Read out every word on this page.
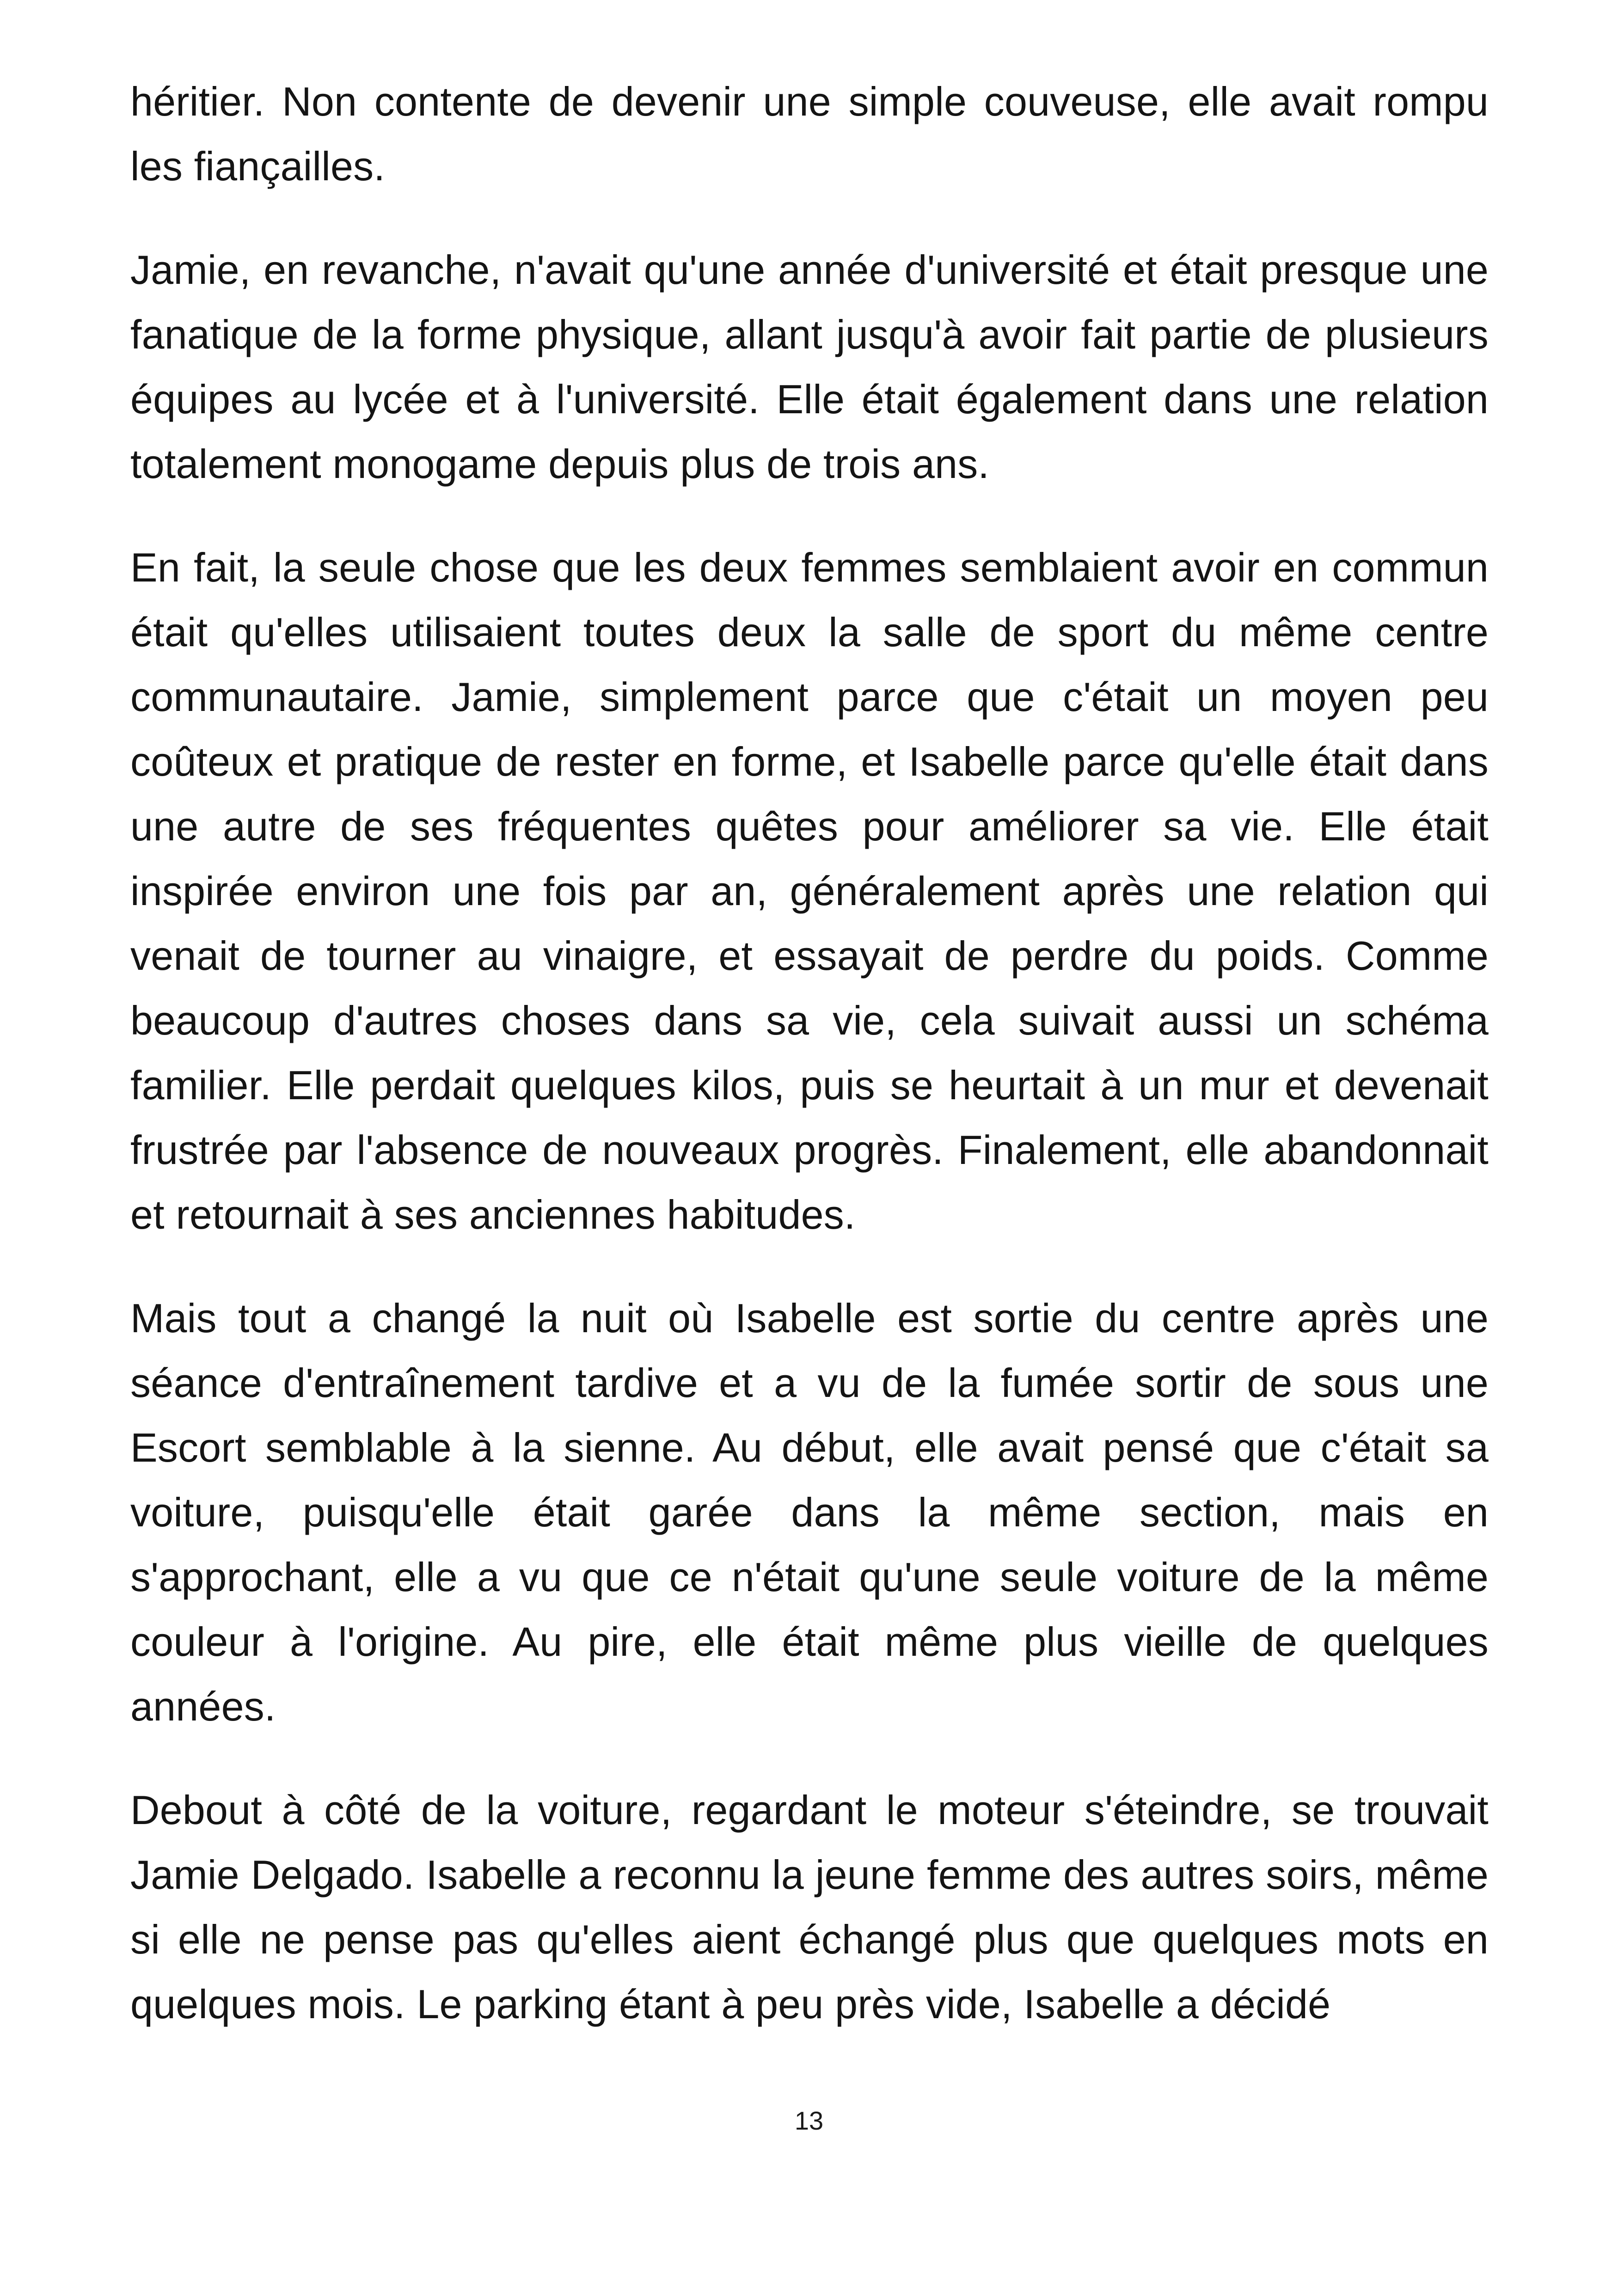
héritier. Non contente de devenir une simple couveuse, elle avait rompu les fiançailles.

Jamie, en revanche, n'avait qu'une année d'université et était presque une fanatique de la forme physique, allant jusqu'à avoir fait partie de plusieurs équipes au lycée et à l'université. Elle était également dans une relation totalement monogame depuis plus de trois ans.

En fait, la seule chose que les deux femmes semblaient avoir en commun était qu'elles utilisaient toutes deux la salle de sport du même centre communautaire. Jamie, simplement parce que c'était un moyen peu coûteux et pratique de rester en forme, et Isabelle parce qu'elle était dans une autre de ses fréquentes quêtes pour améliorer sa vie. Elle était inspirée environ une fois par an, généralement après une relation qui venait de tourner au vinaigre, et essayait de perdre du poids. Comme beaucoup d'autres choses dans sa vie, cela suivait aussi un schéma familier. Elle perdait quelques kilos, puis se heurtait à un mur et devenait frustrée par l'absence de nouveaux progrès. Finalement, elle abandonnait et retournait à ses anciennes habitudes.

Mais tout a changé la nuit où Isabelle est sortie du centre après une séance d'entraînement tardive et a vu de la fumée sortir de sous une Escort semblable à la sienne. Au début, elle avait pensé que c'était sa voiture, puisqu'elle était garée dans la même section, mais en s'approchant, elle a vu que ce n'était qu'une seule voiture de la même couleur à l'origine. Au pire, elle était même plus vieille de quelques années.

Debout à côté de la voiture, regardant le moteur s'éteindre, se trouvait Jamie Delgado. Isabelle a reconnu la jeune femme des autres soirs, même si elle ne pense pas qu'elles aient échangé plus que quelques mots en quelques mois. Le parking étant à peu près vide, Isabelle a décidé

13
